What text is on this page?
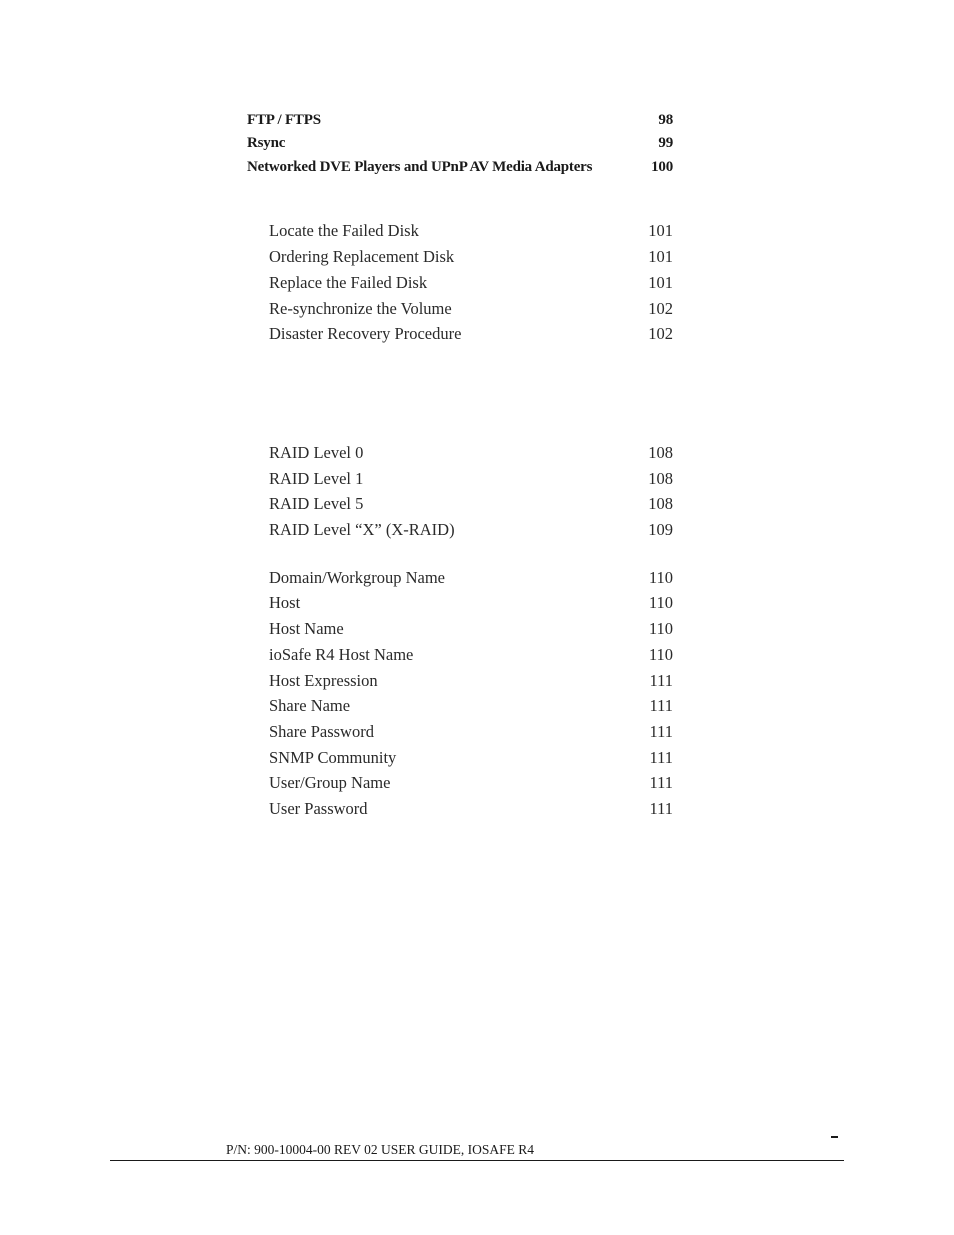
FTP / FTPS	98
Rsync	99
Networked DVE Players and UPnP AV Media Adapters	100
Locate the Failed Disk	101
Ordering Replacement Disk	101
Replace the Failed Disk	101
Re-synchronize the Volume	102
Disaster Recovery Procedure	102
RAID Level 0	108
RAID Level 1	108
RAID Level 5	108
RAID Level “X” (X-RAID)	109
Domain/Workgroup Name	110
Host	110
Host Name	110
ioSafe R4 Host Name	110
Host Expression	111
Share Name	111
Share Password	111
SNMP Community	111
User/Group Name	111
User Password	111
P/N: 900-10004-00 REV 02 USER GUIDE, IOSAFE R4
